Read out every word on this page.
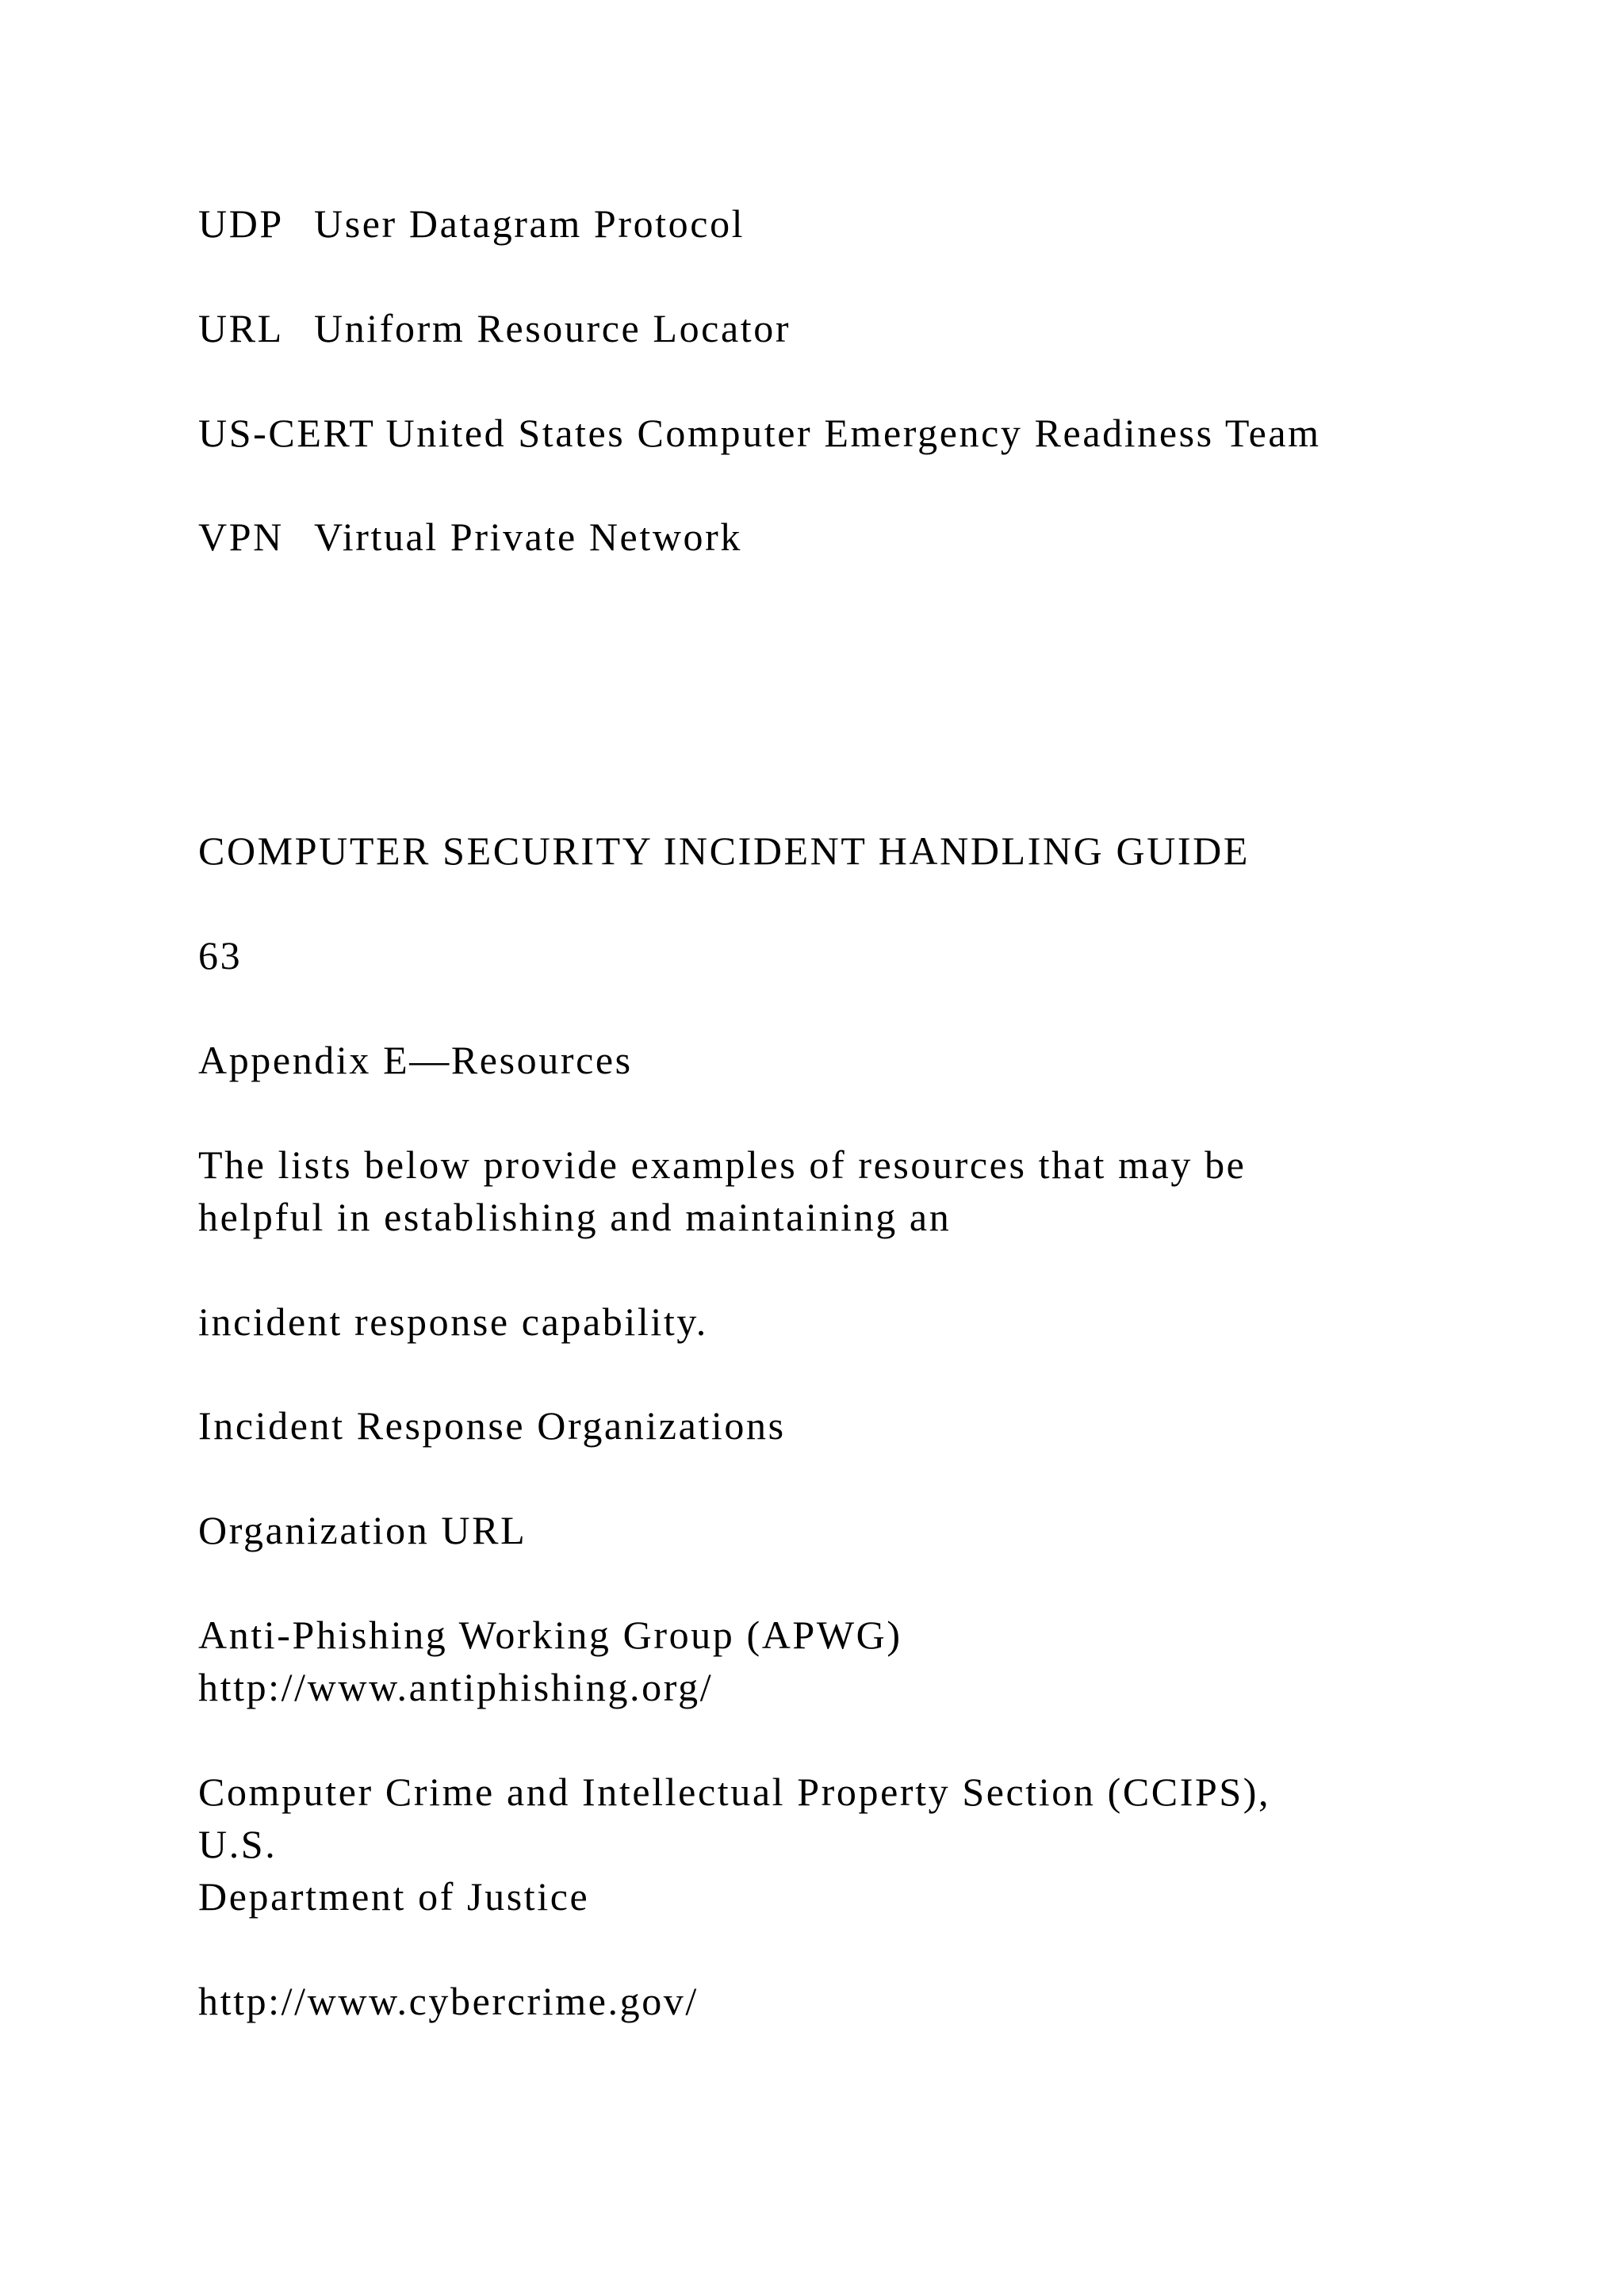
UDP User Datagram Protocol
URL Uniform Resource Locator
US-CERT United States Computer Emergency Readiness Team
VPN Virtual Private Network
COMPUTER SECURITY INCIDENT HANDLING GUIDE
63
Appendix E—Resources
The lists below provide examples of resources that may be
helpful in establishing and maintaining an
incident response capability.
Incident Response Organizations
Organization URL
Anti-Phishing Working Group (APWG)
http://www.antiphishing.org/
Computer Crime and Intellectual Property Section (CCIPS),
U.S.
Department of Justice
http://www.cybercrime.gov/
